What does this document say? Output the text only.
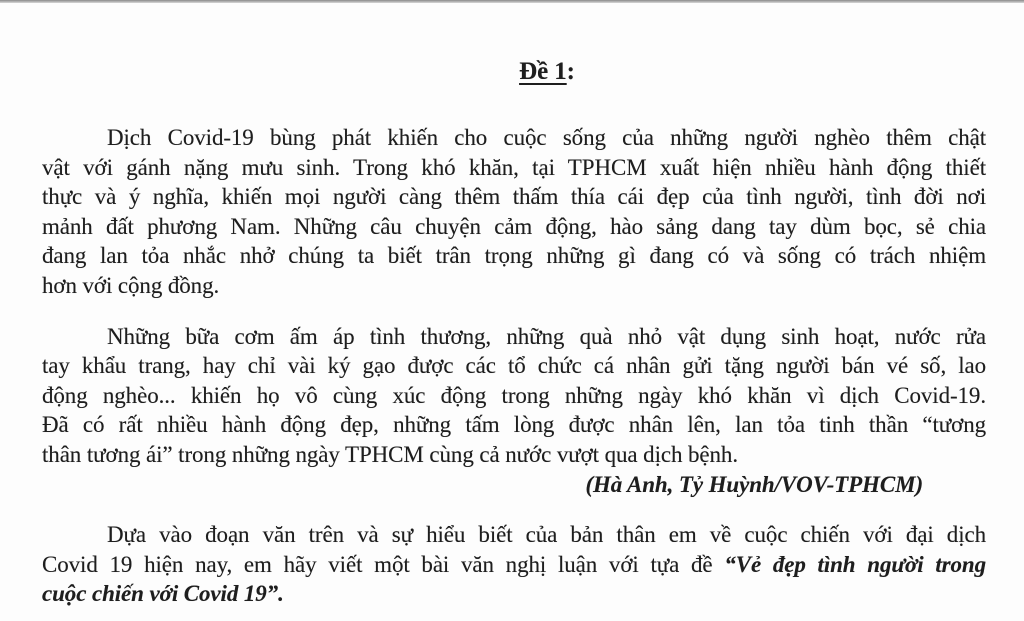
Đề 1:
Dịch Covid-19 bùng phát khiến cho cuộc sống của những người nghèo thêm chật
vật với gánh nặng mưu sinh. Trong khó khăn, tại TPHCM xuất hiện nhiều hành động thiết
thực và ý nghĩa, khiến mọi người càng thêm thấm thía cái đẹp của tình người, tình đời nơi
mảnh đất phương Nam. Những câu chuyện cảm động, hào sảng dang tay dùm bọc, sẻ chia
đang lan tỏa nhắc nhở chúng ta biết trân trọng những gì đang có và sống có trách nhiệm
hơn với cộng đồng.
Những bữa cơm ấm áp tình thương, những quà nhỏ vật dụng sinh hoạt, nước rửa
tay khẩu trang, hay chỉ vài ký gạo được các tổ chức cá nhân gửi tặng người bán vé số, lao
động nghèo... khiến họ vô cùng xúc động trong những ngày khó khăn vì dịch Covid-19.
Đã có rất nhiều hành động đẹp, những tấm lòng được nhân lên, lan tỏa tinh thần “tương
thân tương ái” trong những ngày TPHCM cùng cả nước vượt qua dịch bệnh.
(Hà Anh, Tỷ Huỳnh/VOV-TPHCM)
Dựa vào đoạn văn trên và sự hiểu biết của bản thân em về cuộc chiến với đại dịch
Covid 19 hiện nay, em hãy viết một bài văn nghị luận với tựa đề “Vẻ đẹp tình người trong
cuộc chiến với Covid 19”.
